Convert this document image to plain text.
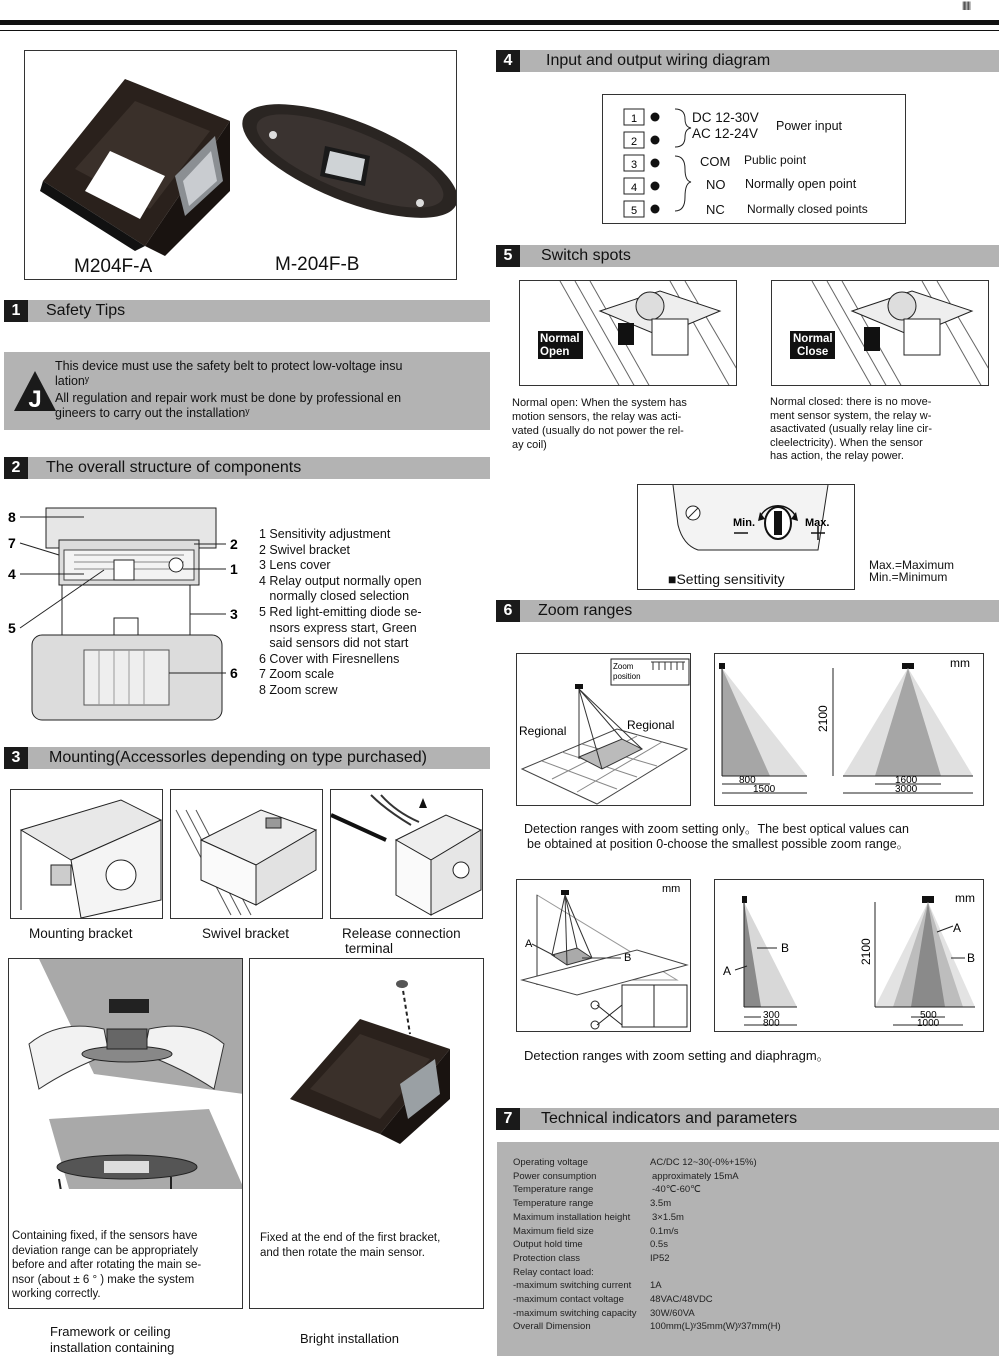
||||||
M204F-A	M-204F-B
1	Safety Tips
J
This device must use the safety belt to protect low-voltage insu
lationʸ
All regulation and repair work must be done by professional en
gineers to carry out the installationʸ
2	The overall structure of components
8
7
4
5
2
1
3
6
1 Sensitivity adjustment
2 Swivel bracket
3 Lens cover
4 Relay output normally open
normally closed selection
5 Red light-emitting diode se-
nsors express start, Green
said sensors did not start
6 Cover with Firesnellens
7 Zoom scale
8 Zoom screw
3	Mounting(Accessorles depending on type purchased)
Mounting bracket	Swivel bracket	Release connection
terminal
Containing fixed, if the sensors have
deviation range can be appropriately
before and after rotating the main se-
nsor (about ± 6 ° ) make the system
working correctly.
Fixed at the end of the first bracket,
and then rotate the main sensor.
Framework or ceiling
installation containing
Bright installation
4	Input and output wiring diagram
1
2
3
4
5
DC 12-30V
AC 12-24V Power input
COM Public point
NO Normally open point
NC Normally closed points
5	Switch spots
Normal
Open
Normal
Close
Normal open: When the system has
motion sensors, the relay was acti-
vated (usually do not power the rel-
ay coil)
Normal closed: there is no move-
ment sensor system, the relay w-
asactivated (usually relay line cir-
cleelectricity). When the sensor
has action, the relay power.
Min.	Max.
■Setting sensitivity
Max.=Maximum
Min.=Minimum
6	Zoom ranges
Zoom
position
Regional	Regional
800
1500
1600
3000
2100
mm
Detection ranges with zoom setting only。The best optical values can
be obtained at position 0-choose the smallest possible zoom range。
mm
A
B
300
800
B
A
500
1000
2100
A
B
mm
Detection ranges with zoom setting and diaphragm。
7	Technical indicators and parameters
Operating voltage	AC/DC 12~30(-0%+15%)
Power consumption	approximately 15mA
Temperature range	-40℃-60℃
Temperature range	3.5m
Maximum installation height 3×1.5m
Maximum field size	0.1m/s
Output hold time	0.5s
Protection class	IP52
Relay contact load:
-maximum switching current 1A
-maximum contact voltage	48VAC/48VDC
-maximum switching capacity 30W/60VA
Overall Dimension	100mm(L)ʸ35mm(W)ʸ37mm(H)
